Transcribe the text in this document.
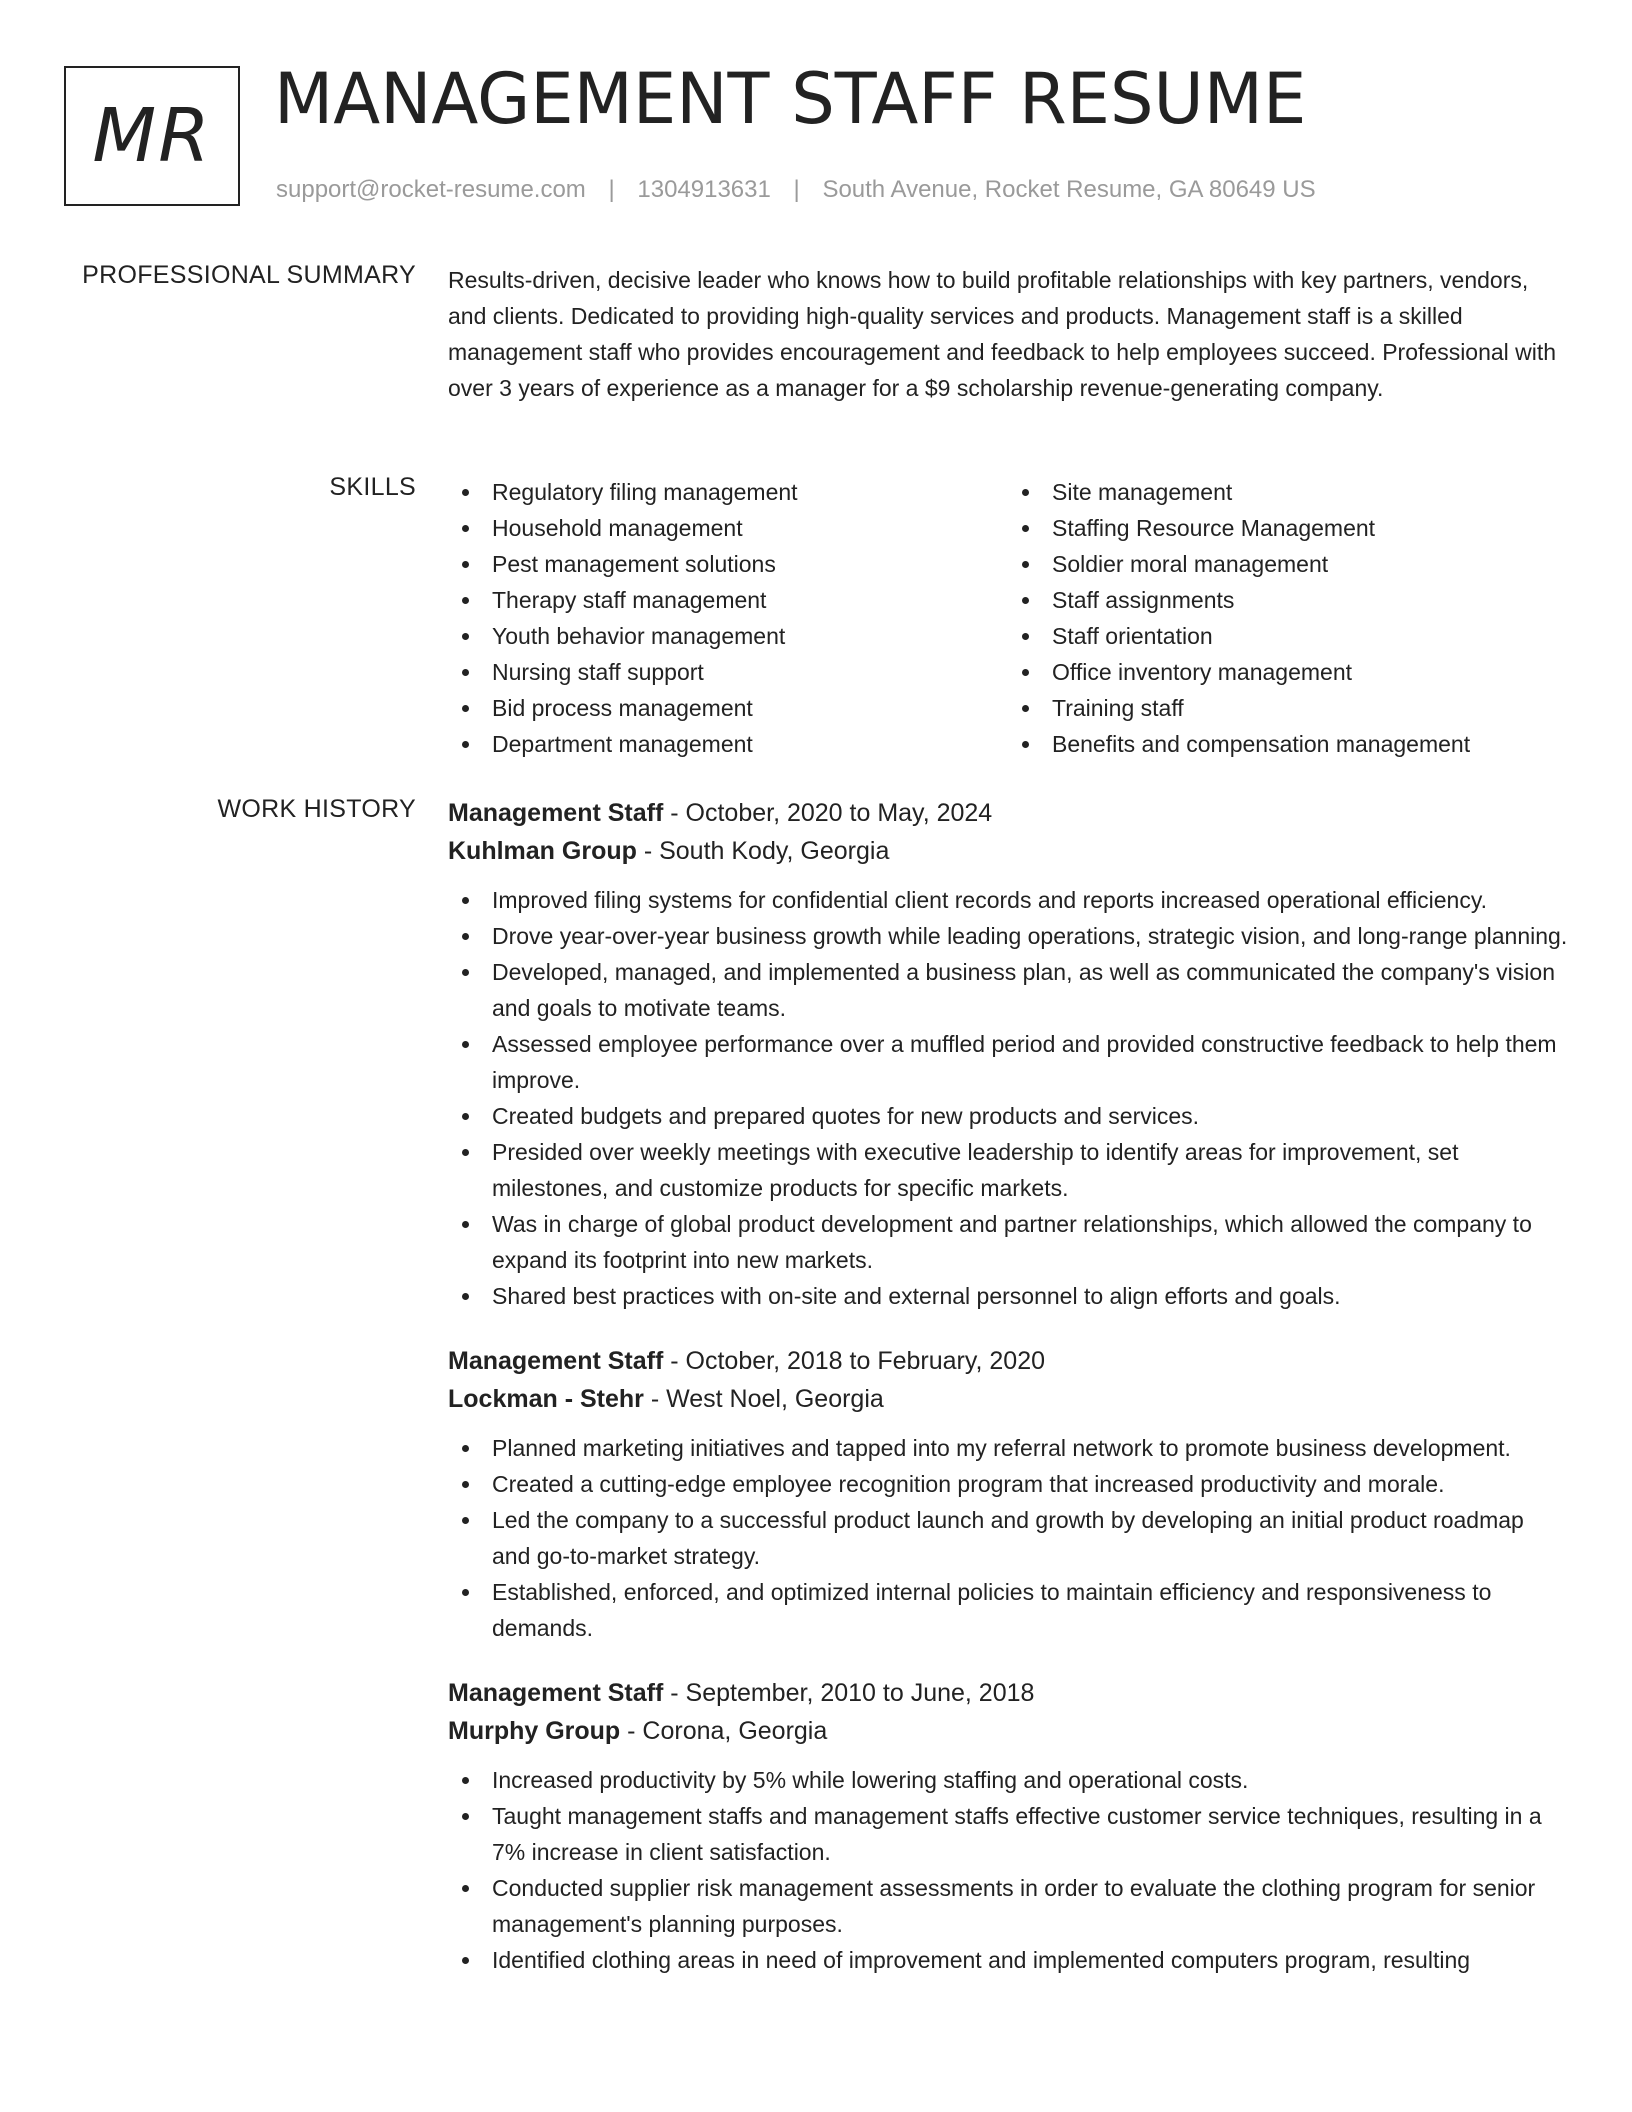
MR MANAGEMENT STAFF RESUME
support@rocket-resume.com | 1304913631 | South Avenue, Rocket Resume, GA 80649 US
PROFESSIONAL SUMMARY Results-driven, decisive leader who knows how to build profitable relationships with key partners, vendors, and clients. Dedicated to providing high-quality services and products. Management staff is a skilled management staff who provides encouragement and feedback to help employees succeed. Professional with over 3 years of experience as a manager for a $9 scholarship revenue-generating company.

SKILLS	Regulatory filing management
Household management
Pest management solutions
Therapy staff management
Youth behavior management
Nursing staff support
Bid process management
Department management
Site management
Staffing Resource Management
Soldier moral management
Staff assignments
Staff orientation
Office inventory management
Training staff
Benefits and compensation management
WORK HISTORY Management Staff - October, 2020 to May, 2024
Kuhlman Group - South Kody, Georgia
Improved filing systems for confidential client records and reports increased operational efficiency.
Drove year-over-year business growth while leading operations, strategic vision, and long-range planning.
Developed, managed, and implemented a business plan, as well as communicated the company's vision and goals to motivate teams.
Assessed employee performance over a muffled period and provided constructive feedback to help them improve.
Created budgets and prepared quotes for new products and services.
Presided over weekly meetings with executive leadership to identify areas for improvement, set milestones, and customize products for specific markets.
Was in charge of global product development and partner relationships, which allowed the company to expand its footprint into new markets.
Shared best practices with on-site and external personnel to align efforts and goals.
Management Staff - October, 2018 to February, 2020
Lockman - Stehr - West Noel, Georgia
Planned marketing initiatives and tapped into my referral network to promote business development.
Created a cutting-edge employee recognition program that increased productivity and morale.
Led the company to a successful product launch and growth by developing an initial product roadmap and go-to-market strategy.
Established, enforced, and optimized internal policies to maintain efficiency and responsiveness to demands.
Management Staff - September, 2010 to June, 2018
Murphy Group - Corona, Georgia
Increased productivity by 5% while lowering staffing and operational costs.
Taught management staffs and management staffs effective customer service techniques, resulting in a 7% increase in client satisfaction.
Conducted supplier risk management assessments in order to evaluate the clothing program for senior management's planning purposes.
Identified clothing areas in need of improvement and implemented computers program, resulting
